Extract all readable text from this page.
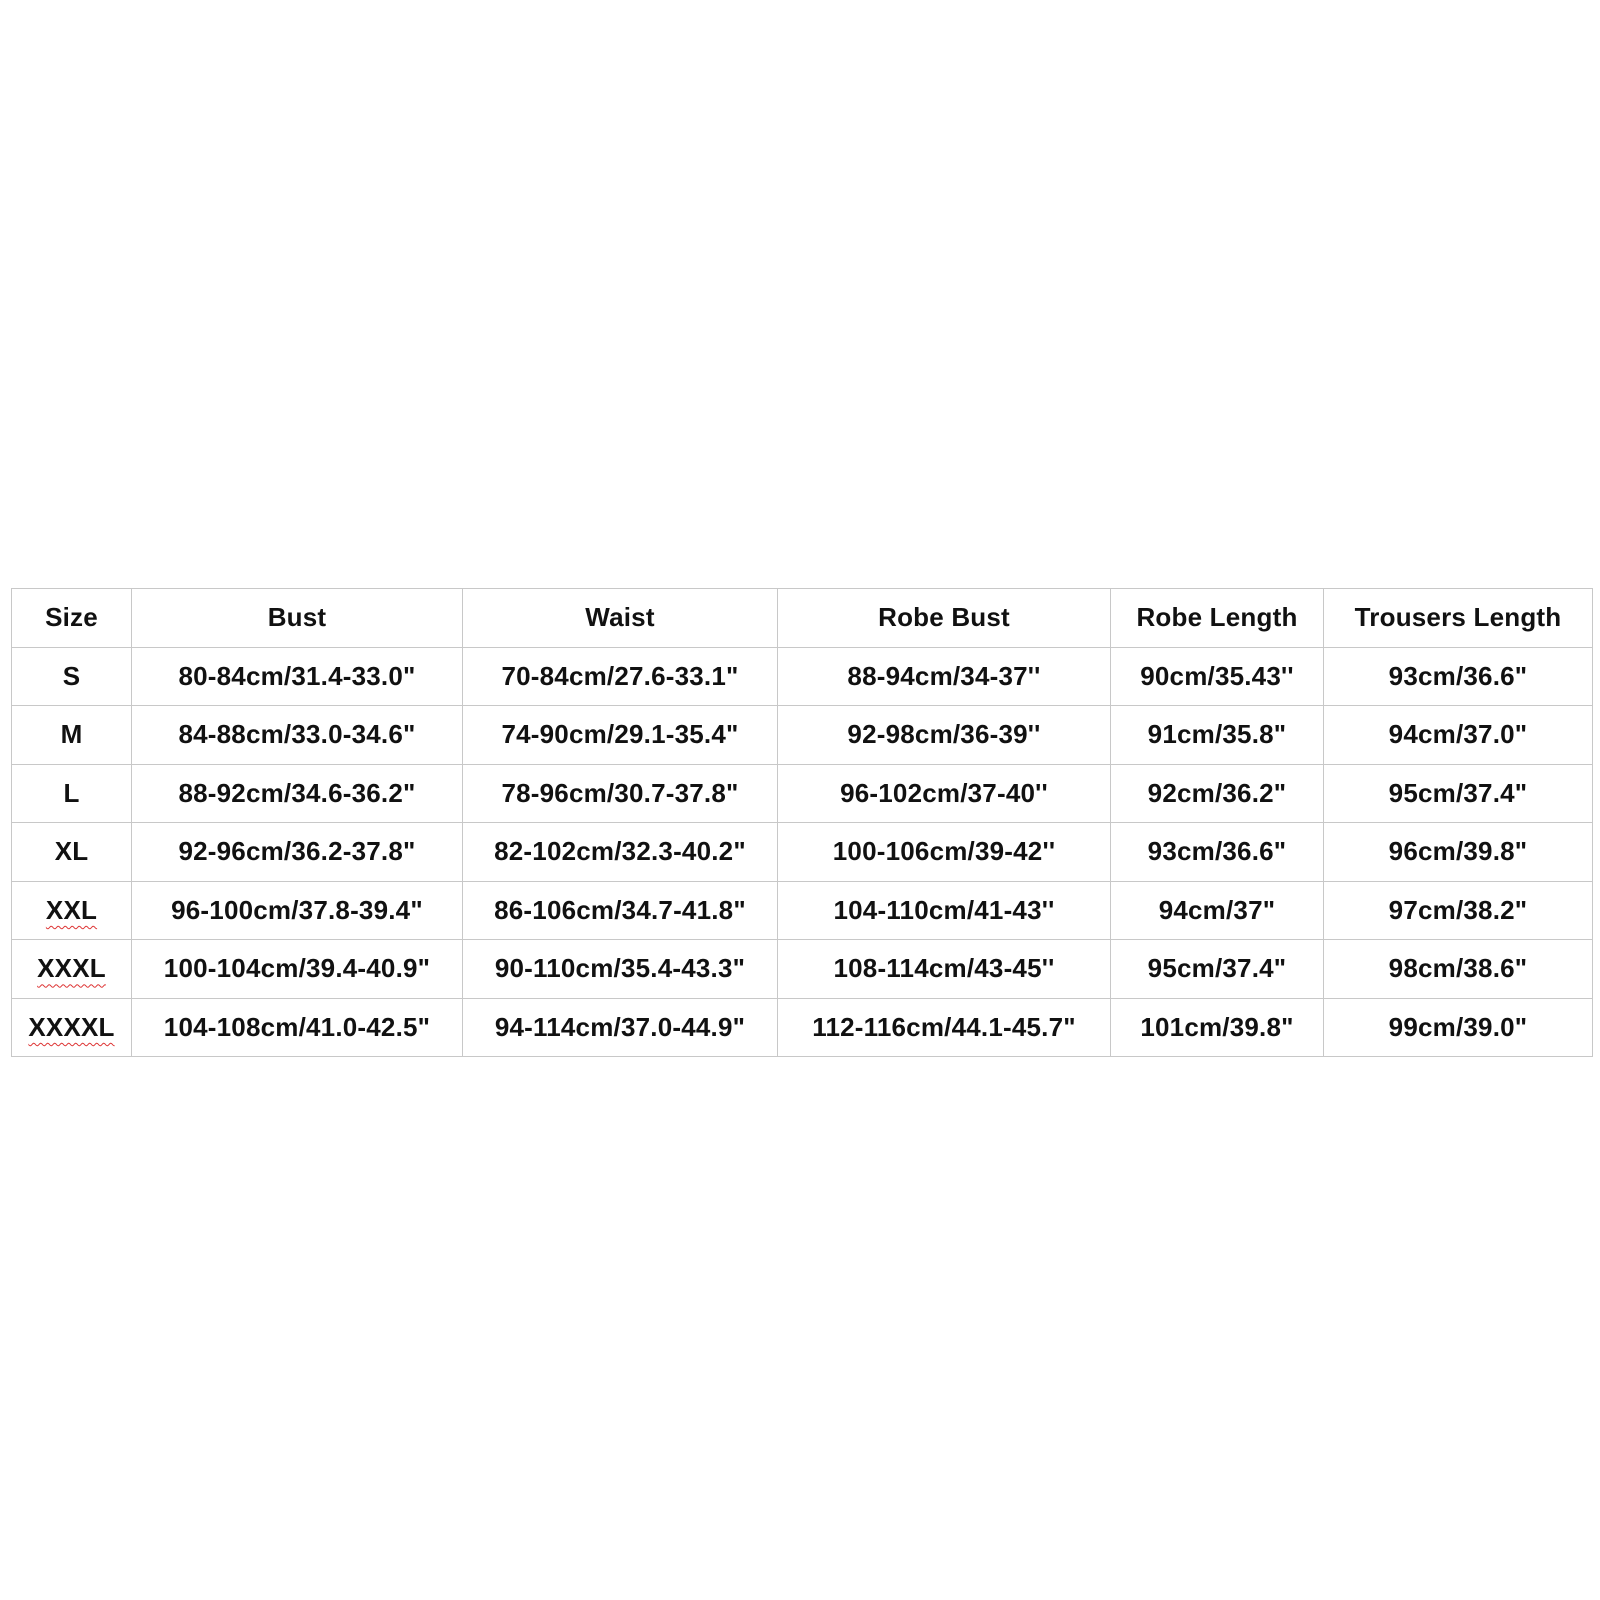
Size	Bust	Waist	Robe Bust	Robe Length	Trousers Length
S	80-84cm/31.4-33.0"	70-84cm/27.6-33.1"	88-94cm/34-37''	90cm/35.43''	93cm/36.6"
M	84-88cm/33.0-34.6"	74-90cm/29.1-35.4"	92-98cm/36-39''	91cm/35.8"	94cm/37.0"
L	88-92cm/34.6-36.2"	78-96cm/30.7-37.8"	96-102cm/37-40''	92cm/36.2"	95cm/37.4"
XL	92-96cm/36.2-37.8"	82-102cm/32.3-40.2"	100-106cm/39-42''	93cm/36.6"	96cm/39.8"
XXL	96-100cm/37.8-39.4"	86-106cm/34.7-41.8"	104-110cm/41-43''	94cm/37"	97cm/38.2"
XXXL	100-104cm/39.4-40.9"	90-110cm/35.4-43.3"	108-114cm/43-45''	95cm/37.4"	98cm/38.6"
XXXXL	104-108cm/41.0-42.5"	94-114cm/37.0-44.9"	112-116cm/44.1-45.7"	101cm/39.8"	99cm/39.0"
